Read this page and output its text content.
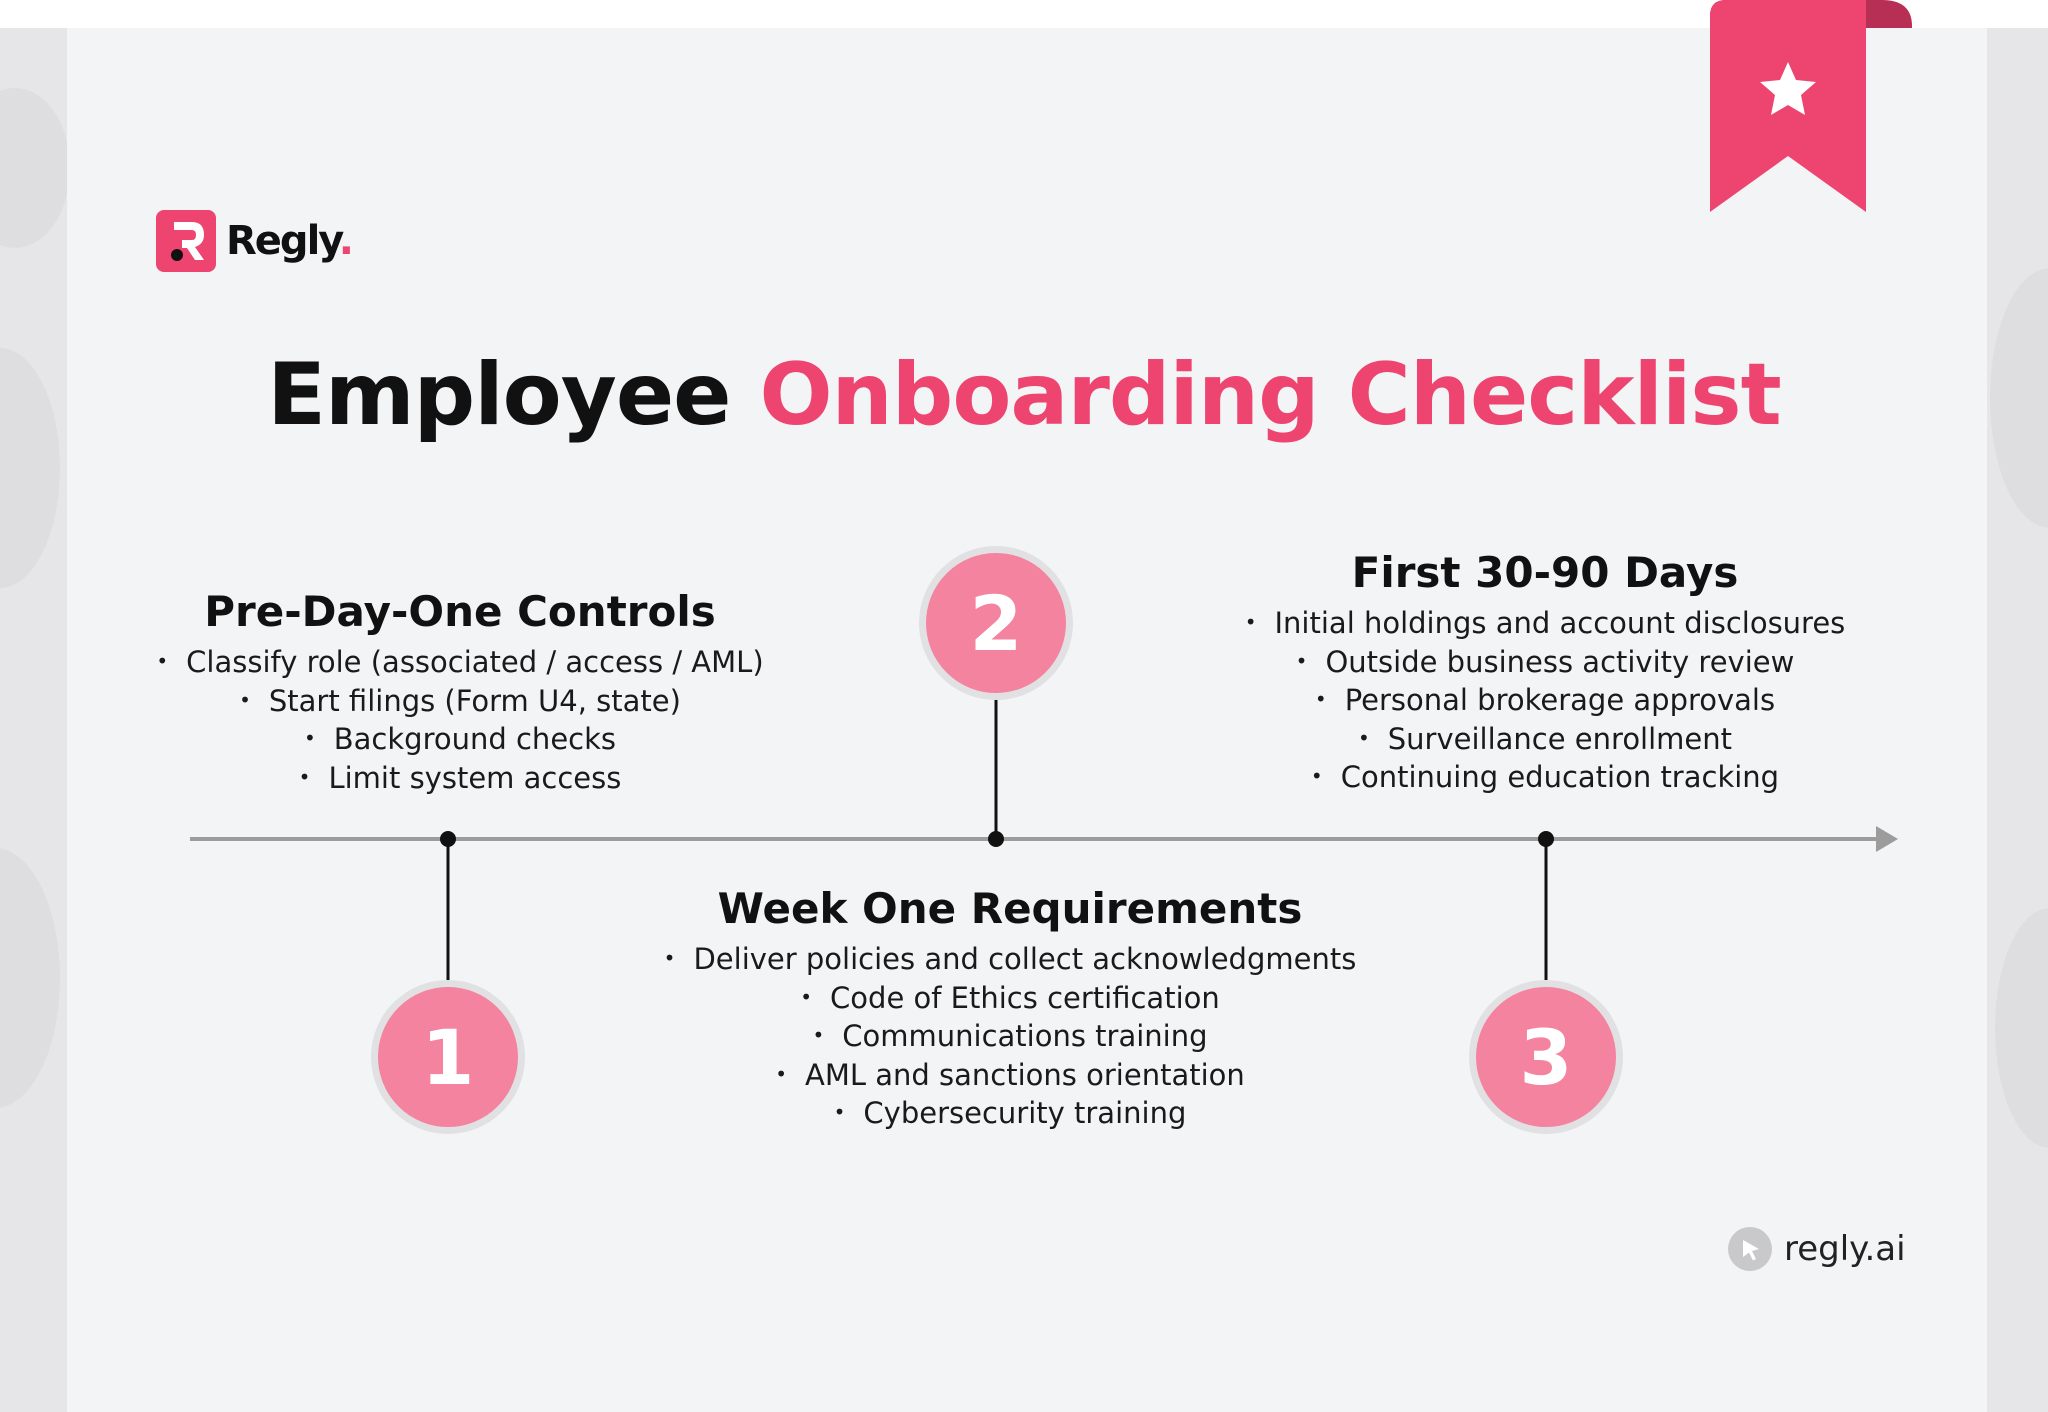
Regly.
Employee Onboarding Checklist
1
2
3
Pre-Day-One Controls
• Classify role (associated / access / AML)
• Start filings (Form U4, state)
• Background checks
• Limit system access
Week One Requirements
• Deliver policies and collect acknowledgments
• Code of Ethics certification
• Communications training
• AML and sanctions orientation
• Cybersecurity training
First 30-90 Days
• Initial holdings and account disclosures
• Outside business activity review
• Personal brokerage approvals
• Surveillance enrollment
• Continuing education tracking
regly.ai
